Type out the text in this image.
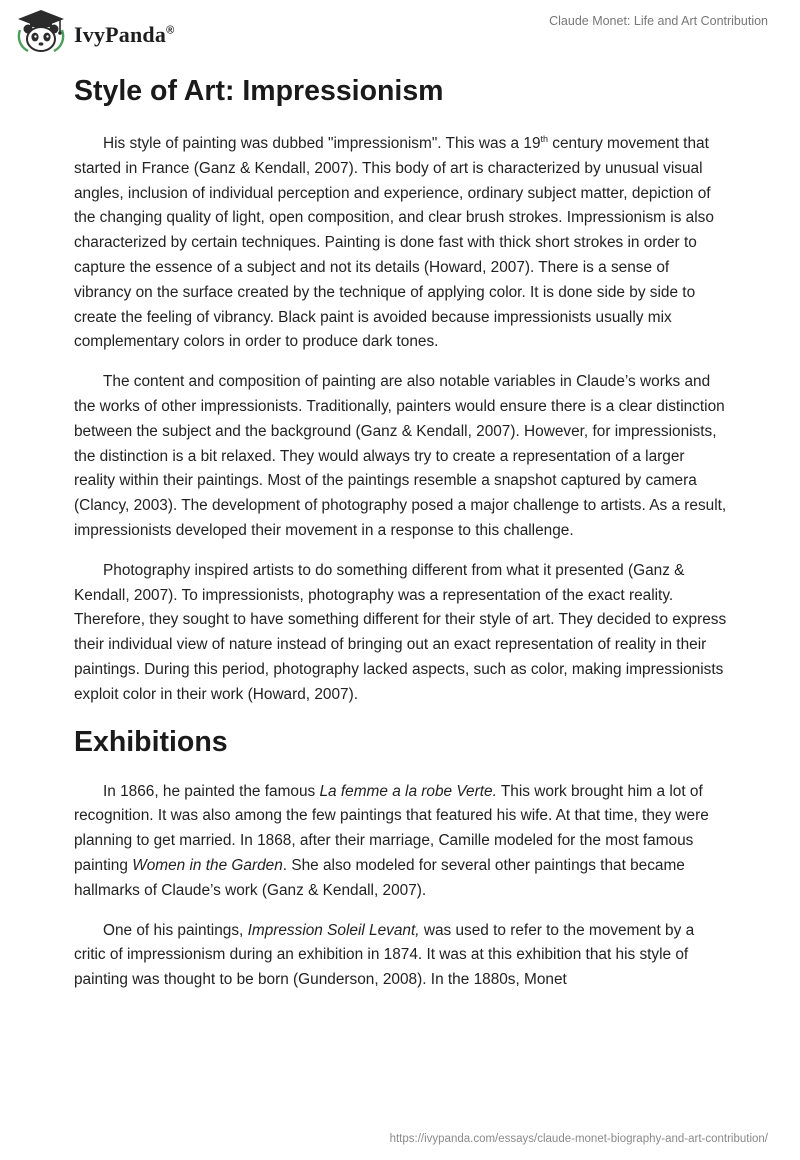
IvyPanda®
Claude Monet: Life and Art Contribution
Style of Art: Impressionism

His style of painting was dubbed "impressionism". This was a 19th century movement that started in France (Ganz & Kendall, 2007). This body of art is characterized by unusual visual angles, inclusion of individual perception and experience, ordinary subject matter, depiction of the changing quality of light, open composition, and clear brush strokes. Impressionism is also characterized by certain techniques. Painting is done fast with thick short strokes in order to capture the essence of a subject and not its details (Howard, 2007). There is a sense of vibrancy on the surface created by the technique of applying color. It is done side by side to create the feeling of vibrancy. Black paint is avoided because impressionists usually mix complementary colors in order to produce dark tones.

The content and composition of painting are also notable variables in Claude’s works and the works of other impressionists. Traditionally, painters would ensure there is a clear distinction between the subject and the background (Ganz & Kendall, 2007). However, for impressionists, the distinction is a bit relaxed. They would always try to create a representation of a larger reality within their paintings. Most of the paintings resemble a snapshot captured by camera (Clancy, 2003). The development of photography posed a major challenge to artists. As a result, impressionists developed their movement in a response to this challenge.

Photography inspired artists to do something different from what it presented (Ganz & Kendall, 2007). To impressionists, photography was a representation of the exact reality. Therefore, they sought to have something different for their style of art. They decided to express their individual view of nature instead of bringing out an exact representation of reality in their paintings. During this period, photography lacked aspects, such as color, making impressionists exploit color in their work (Howard, 2007).

Exhibitions

In 1866, he painted the famous La femme a la robe Verte. This work brought him a lot of recognition. It was also among the few paintings that featured his wife. At that time, they were planning to get married. In 1868, after their marriage, Camille modeled for the most famous painting Women in the Garden. She also modeled for several other paintings that became hallmarks of Claude’s work (Ganz & Kendall, 2007).

One of his paintings, Impression Soleil Levant, was used to refer to the movement by a critic of impressionism during an exhibition in 1874. It was at this exhibition that his style of painting was thought to be born (Gunderson, 2008). In the 1880s, Monet

https://ivypanda.com/essays/claude-monet-biography-and-art-contribution/
